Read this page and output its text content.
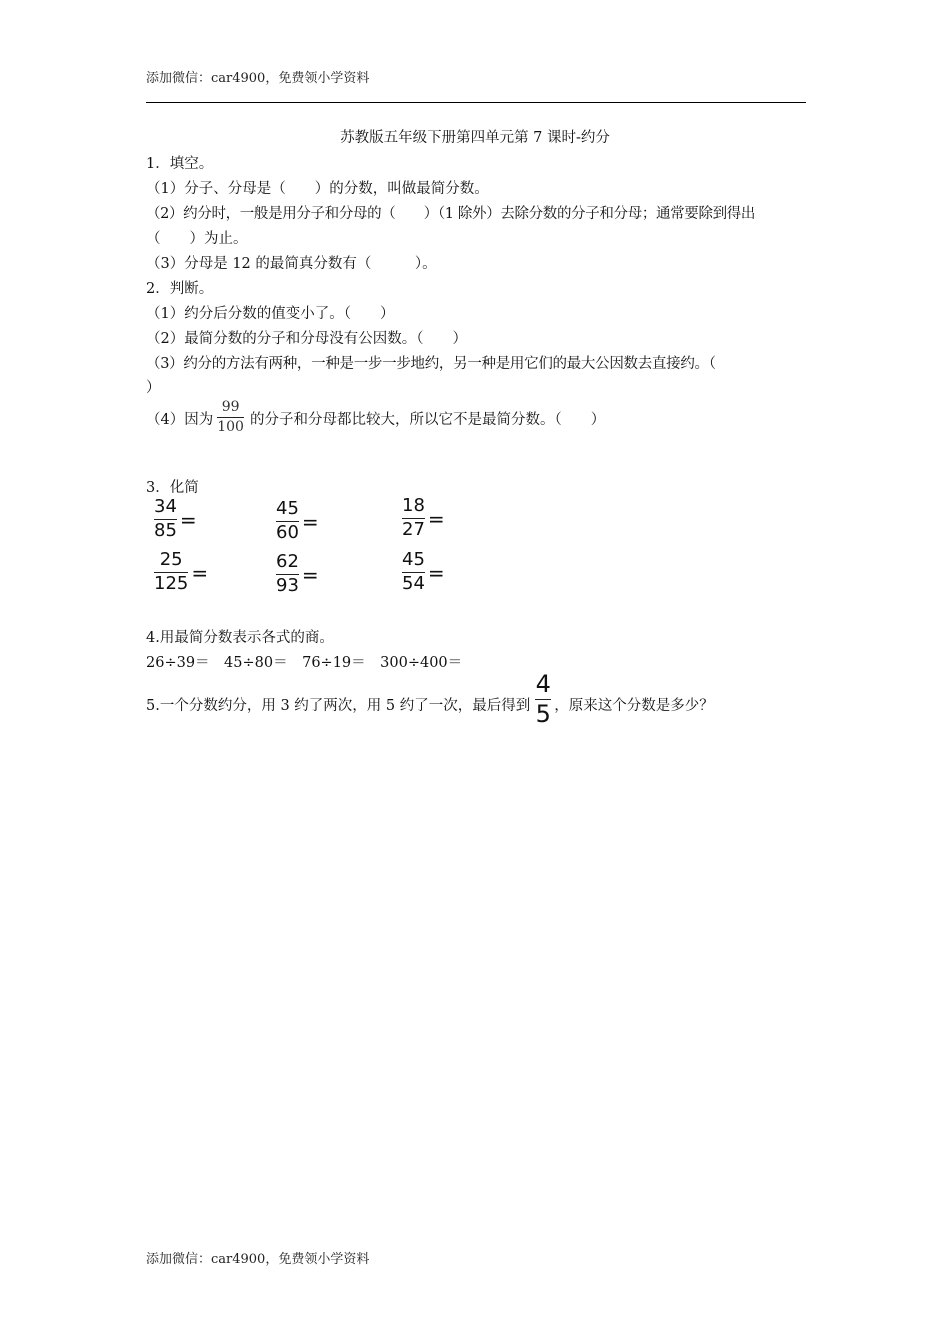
添加微信：car4900，免费领小学资料
苏教版五年级下册第四单元第 7 课时-约分
1．填空。
（1）分子、分母是（　　）的分数，叫做最简分数。
（2）约分时，一般是用分子和分母的（　　）（1 除外）去除分数的分子和分母；通常要除到得出
（　　）为止。
（3）分母是 12 的最简真分数有（　　　）。
2．判断。
（1）约分后分数的值变小了。（　　）
（2）最简分数的分子和分母没有公因数。（　　）
（3）约分的方法有两种，一种是一步一步地约，另一种是用它们的最大公因数去直接约。（
）
（4）因为 $\frac{99}{100}$ 的分子和分母都比较大，所以它不是最简分数。（　　）
3．化简
$\frac{34}{85}$ =	$\frac{45}{60}$ =	$\frac{18}{27}$ =
$\frac{25}{125}$ =	$\frac{62}{93}$ =	$\frac{45}{54}$ =
4.用最简分数表示各式的商。
26÷39＝　45÷80＝　76÷19＝　300÷400＝
5.一个分数约分，用 3 约了两次，用 5 约了一次，最后得到 $\frac{4}{5}$ ，原来这个分数是多少？
添加微信：car4900，免费领小学资料
